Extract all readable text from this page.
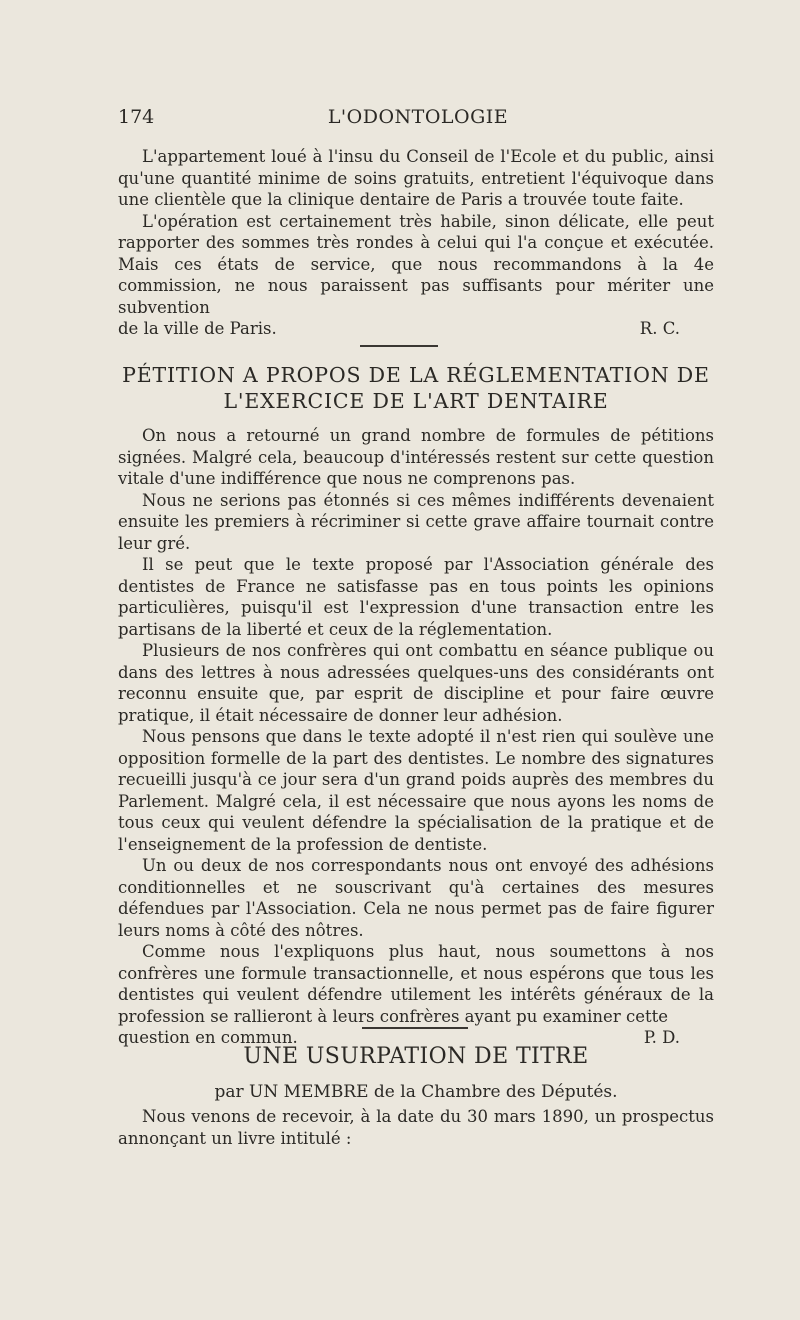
174	L'ODONTOLOGIE

L'appartement loué à l'insu du Conseil de l'Ecole et du public, ainsi qu'une quantité minime de soins gratuits, entretient l'équivoque dans une clientèle que la clinique dentaire de Paris a trouvée toute faite.

L'opération est certainement très habile, sinon délicate, elle peut rapporter des sommes très rondes à celui qui l'a conçue et exécutée. Mais ces états de service, que nous recommandons à la 4e commission, ne nous paraissent pas suffisants pour mériter une subvention

de la ville de Paris.	R. C.

PÉTITION A PROPOS DE LA RÉGLEMENTATION DE
L'EXERCICE DE L'ART DENTAIRE

On nous a retourné un grand nombre de formules de pétitions signées. Malgré cela, beaucoup d'intéressés restent sur cette question vitale d'une indifférence que nous ne comprenons pas.

Nous ne serions pas étonnés si ces mêmes indifférents devenaient ensuite les premiers à récriminer si cette grave affaire tournait contre leur gré.

Il se peut que le texte proposé par l'Association générale des dentistes de France ne satisfasse pas en tous points les opinions particulières, puisqu'il est l'expression d'une transaction entre les partisans de la liberté et ceux de la réglementation.

Plusieurs de nos confrères qui ont combattu en séance publique ou dans des lettres à nous adressées quelques-uns des considérants ont reconnu ensuite que, par esprit de discipline et pour faire œuvre pratique, il était nécessaire de donner leur adhésion.

Nous pensons que dans le texte adopté il n'est rien qui soulève une opposition formelle de la part des dentistes. Le nombre des signatures recueilli jusqu'à ce jour sera d'un grand poids auprès des membres du Parlement. Malgré cela, il est nécessaire que nous ayons les noms de tous ceux qui veulent défendre la spécialisation de la pratique et de l'enseignement de la profession de dentiste.

Un ou deux de nos correspondants nous ont envoyé des adhésions conditionnelles et ne souscrivant qu'à certaines des mesures défendues par l'Association. Cela ne nous permet pas de faire figurer leurs noms à côté des nôtres.

Comme nous l'expliquons plus haut, nous soumettons à nos confrères une formule transactionnelle, et nous espérons que tous les dentistes qui veulent défendre utilement les intérêts généraux de la profession se rallieront à leurs confrères ayant pu examiner cette

question en commun.	P. D.

UNE USURPATION DE TITRE
par UN MEMBRE de la Chambre des Députés.

Nous venons de recevoir, à la date du 30 mars 1890, un prospectus annonçant un livre intitulé :
